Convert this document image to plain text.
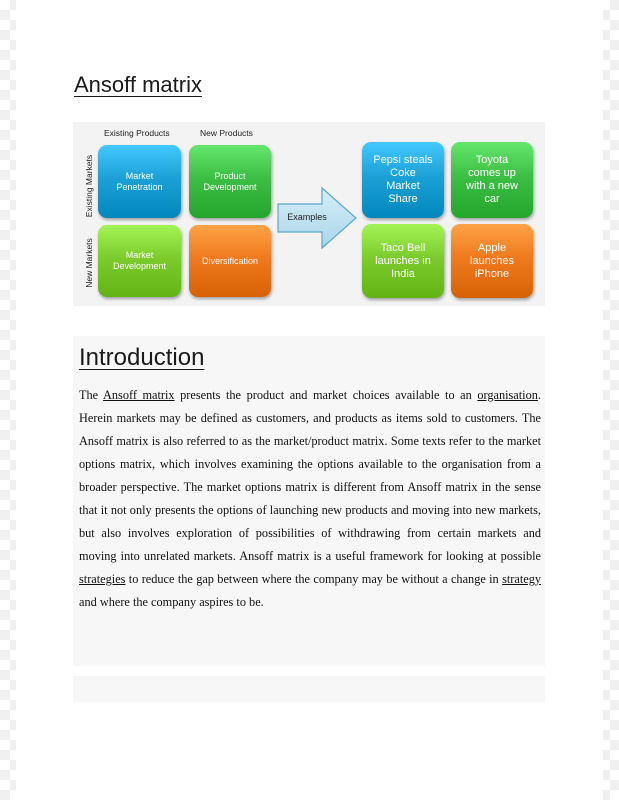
Ansoff matrix
Existing Products	New Products
Existing Markets
New Markets
Market
Penetration
Product
Development
Market
Development
Diversification
Examples
Pepsi steals
Coke
Market
Share
Toyota
comes up
with a new
car
Taco Bell
launches in
India
Apple
launches
iPhone
Introduction

The Ansoff matrix presents the product and market choices available to an organisation. Herein markets may be defined as customers, and products as items sold to customers. The Ansoff matrix is also referred to as the market/product matrix. Some texts refer to the market options matrix, which involves examining the options available to the organisation from a broader perspective. The market options matrix is different from Ansoff matrix in the sense that it not only presents the options of launching new products and moving into new markets, but also involves exploration of possibilities of withdrawing from certain markets and moving into unrelated markets. Ansoff matrix is a useful framework for looking at possible strategies to reduce the gap between where the company may be without a change in strategy and where the company aspires to be.
